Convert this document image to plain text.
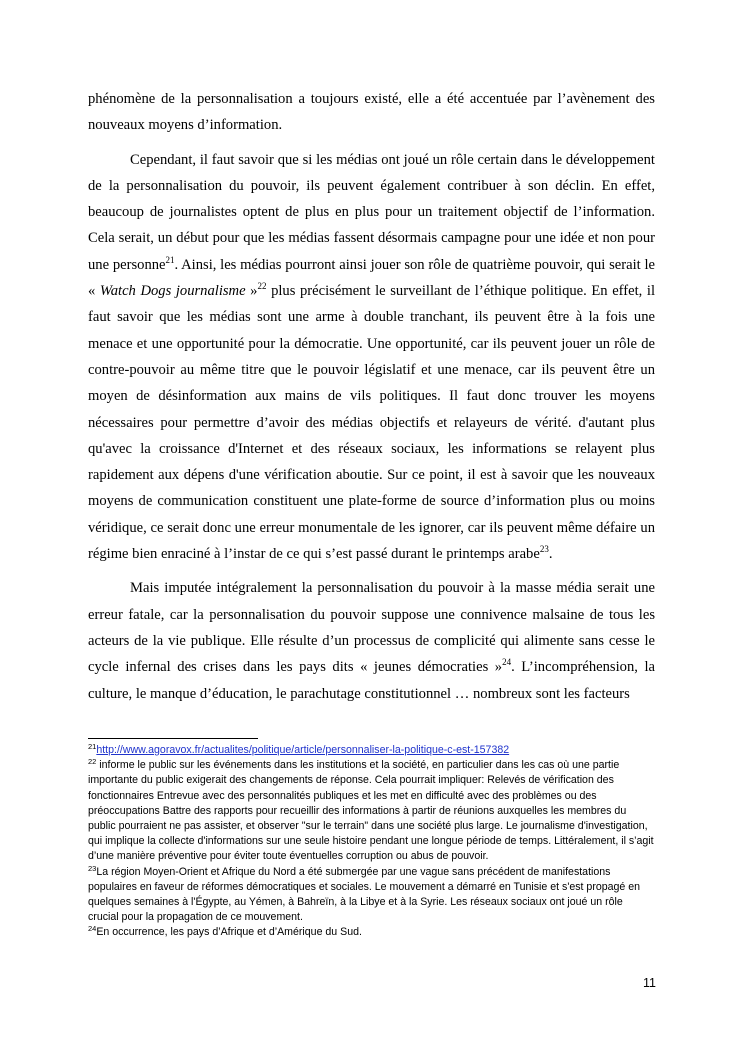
phénomène de la personnalisation a toujours existé, elle a été accentuée par l’avènement des nouveaux moyens d’information.

Cependant, il faut savoir que si les médias ont joué un rôle certain dans le développement de la personnalisation du pouvoir, ils peuvent également contribuer à son déclin. En effet, beaucoup de journalistes optent de plus en plus pour un traitement objectif de l’information. Cela serait, un début pour que les médias fassent désormais campagne pour une idée et non pour une personne$^{21}$. Ainsi, les médias pourront ainsi jouer son rôle de quatrième pouvoir, qui serait le « Watch Dogs journalisme »$^{22}$ plus précisément le surveillant de l’éthique politique. En effet, il faut savoir que les médias sont une arme à double tranchant, ils peuvent être à la fois une menace et une opportunité pour la démocratie. Une opportunité, car ils peuvent jouer un rôle de contre-pouvoir au même titre que le pouvoir législatif et une menace, car ils peuvent être un moyen de désinformation aux mains de vils politiques. Il faut donc trouver les moyens nécessaires pour permettre d’avoir des médias objectifs et relayeurs de vérité. d'autant plus qu'avec la croissance d'Internet et des réseaux sociaux, les informations se relayent plus rapidement aux dépens d'une vérification aboutie. Sur ce point, il est à savoir que les nouveaux moyens de communication constituent une plate-forme de source d’information plus ou moins véridique, ce serait donc une erreur monumentale de les ignorer, car ils peuvent même défaire un régime bien enraciné à l’instar de ce qui s’est passé durant le printemps arabe$^{23}$.

Mais imputée intégralement la personnalisation du pouvoir à la masse média serait une erreur fatale, car la personnalisation du pouvoir suppose une connivence malsaine de tous les acteurs de la vie publique. Elle résulte d’un processus de complicité qui alimente sans cesse le cycle infernal des crises dans les pays dits « jeunes démocraties »$^{24}$. L’incompréhension, la culture, le manque d’éducation, le parachutage constitutionnel … nombreux sont les facteurs

$^{21}$http://www.agoravox.fr/actualites/politique/article/personnaliser-la-politique-c-est-157382

$^{22}$ informe le public sur les événements dans les institutions et la société, en particulier dans les cas où une partie importante du public exigerait des changements de réponse. Cela pourrait impliquer: Relevés de vérification des fonctionnaires Entrevue avec des personnalités publiques et les met en difficulté avec des problèmes ou des préoccupations Battre des rapports pour recueillir des informations à partir de réunions auxquelles les membres du public pourraient ne pas assister, et observer "sur le terrain" dans une société plus large. Le journalisme d'investigation, qui implique la collecte d'informations sur une seule histoire pendant une longue période de temps. Littéralement, il s’agit d’une manière préventive pour éviter toute éventuelles corruption ou abus de pouvoir.

$^{23}$La région Moyen-Orient et Afrique du Nord a été submergée par une vague sans précédent de manifestations populaires en faveur de réformes démocratiques et sociales. Le mouvement a démarré en Tunisie et s'est propagé en quelques semaines à l'Égypte, au Yémen, à Bahreïn, à la Libye et à la Syrie. Les réseaux sociaux ont joué un rôle crucial pour la propagation de ce mouvement.

$^{24}$En occurrence, les pays d’Afrique et d’Amérique du Sud.

11
